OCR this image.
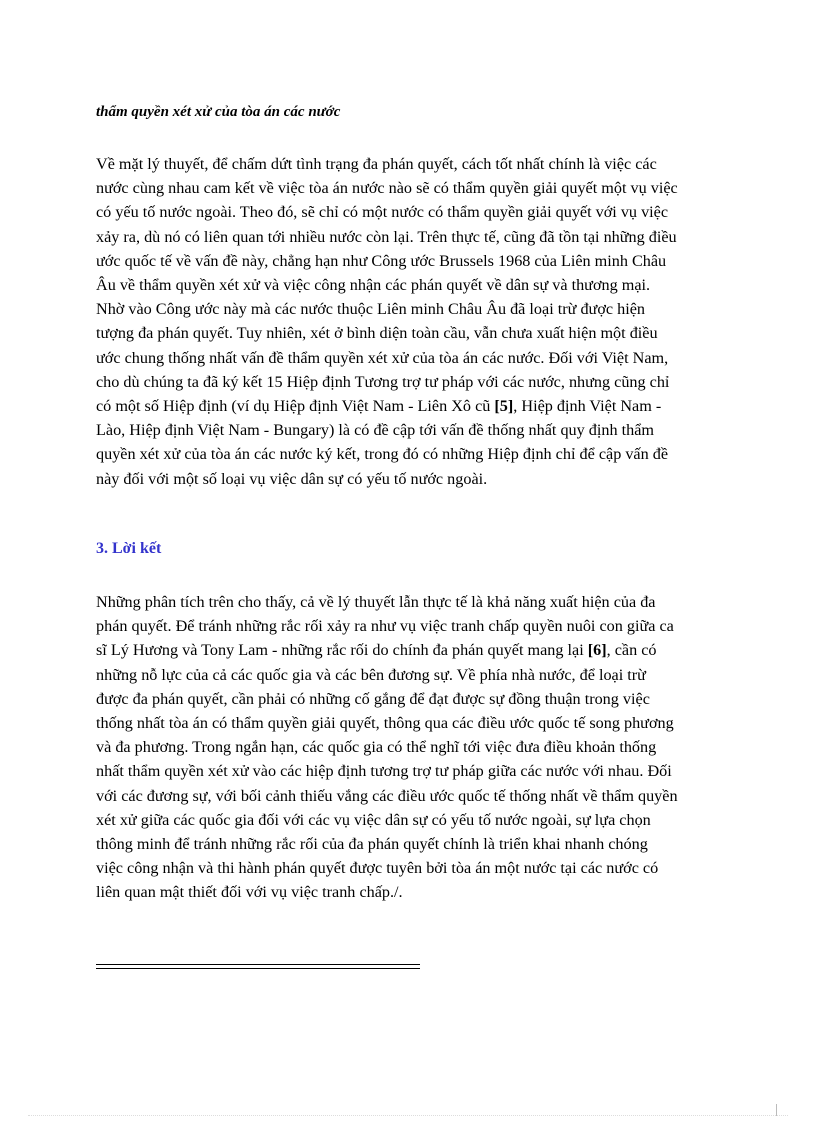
thẩm quyền xét xử của tòa án các nước
Về mặt lý thuyết, để chấm dứt tình trạng đa phán quyết, cách tốt nhất chính là việc các
nước cùng nhau cam kết về việc tòa án nước nào sẽ có thẩm quyền giải quyết một vụ việc
có yếu tố nước ngoài. Theo đó, sẽ chỉ có một nước có thẩm quyền giải quyết với vụ việc
xảy ra, dù nó có liên quan tới nhiều nước còn lại. Trên thực tế, cũng đã tồn tại những điều
ước quốc tế về vấn đề này, chẳng hạn như Công ước Brussels 1968 của Liên minh Châu
Âu về thẩm quyền xét xử và việc công nhận các phán quyết về dân sự và thương mại.
Nhờ vào Công ước này mà các nước thuộc Liên minh Châu Âu đã loại trừ được hiện
tượng đa phán quyết. Tuy nhiên, xét ở bình diện toàn cầu, vẫn chưa xuất hiện một điều
ước chung thống nhất vấn đề thẩm quyền xét xử của tòa án các nước. Đối với Việt Nam,
cho dù chúng ta đã ký kết 15 Hiệp định Tương trợ tư pháp với các nước, nhưng cũng chỉ
có một số Hiệp định (ví dụ Hiệp định Việt Nam - Liên Xô cũ [5], Hiệp định Việt Nam -
Lào, Hiệp định Việt Nam - Bungary) là có đề cập tới vấn đề thống nhất quy định thẩm
quyền xét xử của tòa án các nước ký kết, trong đó có những Hiệp định chỉ để cập vấn đề
này đối với một số loại vụ việc dân sự có yếu tố nước ngoài.
3. Lời kết
Những phân tích trên cho thấy, cả về lý thuyết lẫn thực tế là khả năng xuất hiện của đa
phán quyết. Để tránh những rắc rối xảy ra như vụ việc tranh chấp quyền nuôi con giữa ca
sĩ Lý Hương và Tony Lam - những rắc rối do chính đa phán quyết mang lại [6], cần có
những nỗ lực của cả các quốc gia và các bên đương sự. Về phía nhà nước, để loại trừ
được đa phán quyết, cần phải có những cố gắng để đạt được sự đồng thuận trong việc
thống nhất tòa án có thẩm quyền giải quyết, thông qua các điều ước quốc tế song phương
và đa phương. Trong ngắn hạn, các quốc gia có thể nghĩ tới việc đưa điều khoản thống
nhất thẩm quyền xét xử vào các hiệp định tương trợ tư pháp giữa các nước với nhau. Đối
với các đương sự, với bối cảnh thiếu vắng các điều ước quốc tế thống nhất về thẩm quyền
xét xử giữa các quốc gia đối với các vụ việc dân sự có yếu tố nước ngoài, sự lựa chọn
thông minh để tránh những rắc rối của đa phán quyết chính là triển khai nhanh chóng
việc công nhận và thi hành phán quyết được tuyên bởi tòa án một nước tại các nước có
liên quan mật thiết đối với vụ việc tranh chấp./.
